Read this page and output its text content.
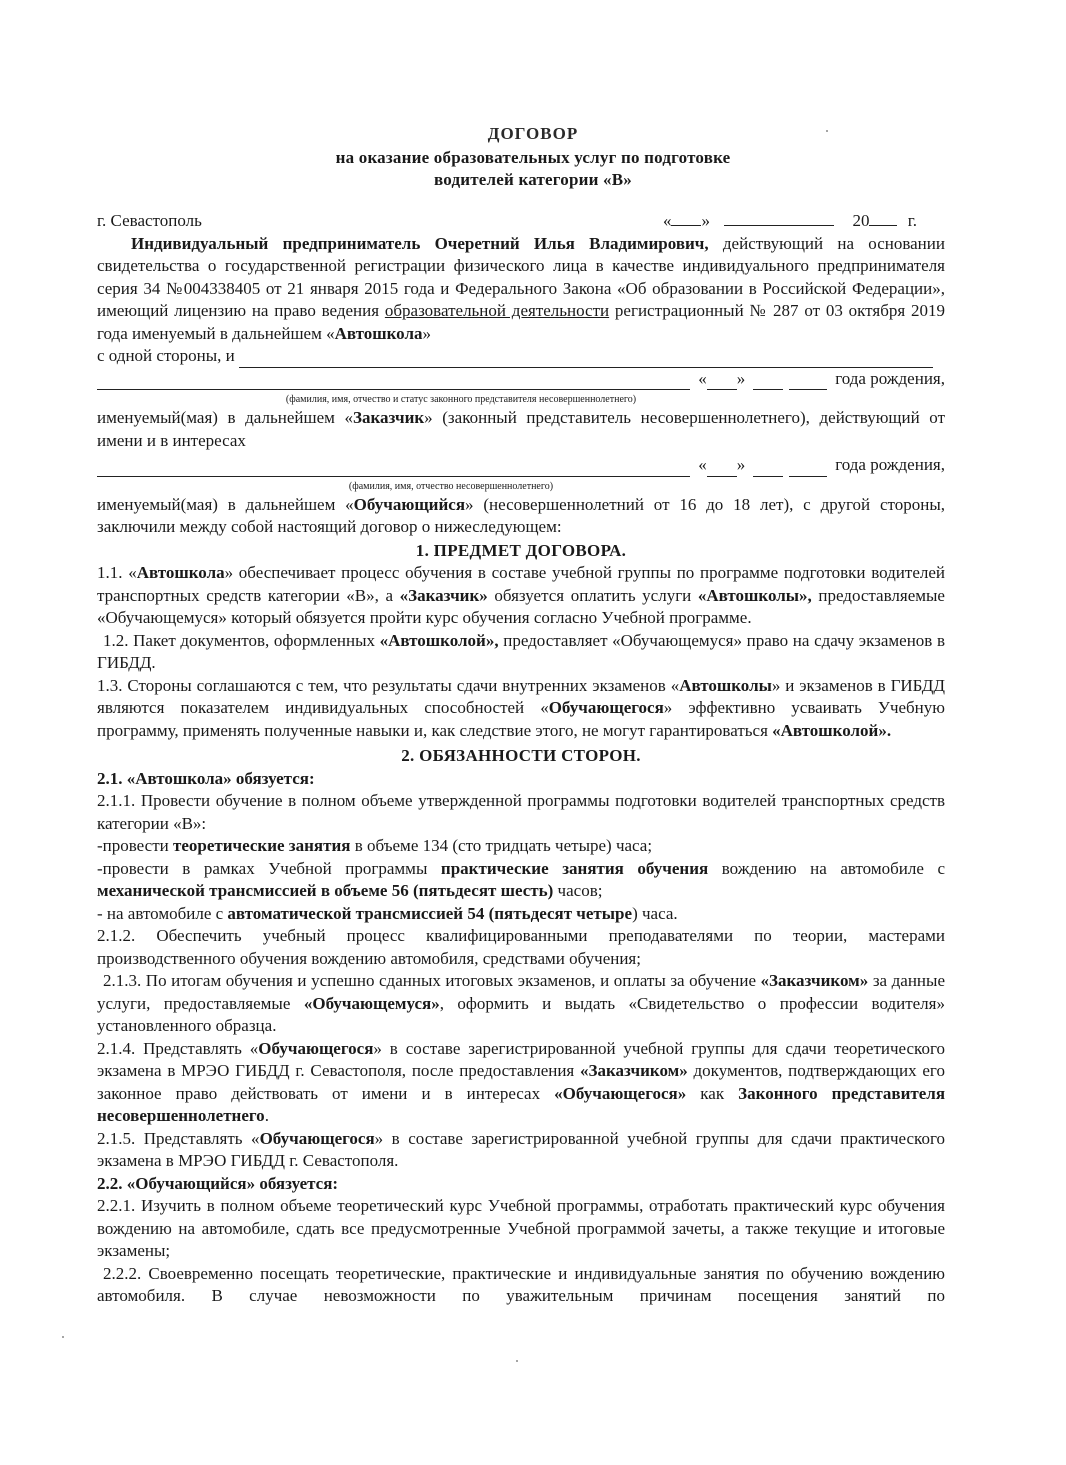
ДОГОВОР
на оказание образовательных услуг по подготовке
водителей категории «В»
г. Севастополь	« »	20 г.

Индивидуальный предприниматель Очеретний Илья Владимирович, действующий на основании свидетельства о государственной регистрации физического лица в качестве индивидуального предпринимателя серия 34 №004338405 от 21 января 2015 года и Федерального Закона «Об образовании в Российской Федерации», имеющий лицензию на право ведения образовательной деятельности регистрационный № 287 от 03 октября 2019 года именуемый в дальнейшем «Автошкола»

с одной стороны, и
« »	года рождения,
(фамилия, имя, отчество и статус законного представителя несовершеннолетнего)

именуемый(мая) в дальнейшем «Заказчик» (законный представитель несовершеннолетнего), действующий от имени и в интересах

« »	года рождения,
(фамилия, имя, отчество несовершеннолетнего)

именуемый(мая) в дальнейшем «Обучающийся» (несовершеннолетний от 16 до 18 лет), с другой стороны, заключили между собой настоящий договор о нижеследующем:

1. ПРЕДМЕТ ДОГОВОРА.

1.1. «Автошкола» обеспечивает процесс обучения в составе учебной группы по программе подготовки водителей транспортных средств категории «В», а «Заказчик» обязуется оплатить услуги «Автошколы», предоставляемые «Обучающемуся» который обязуется пройти курс обучения согласно Учебной программе.

1.2. Пакет документов, оформленных «Автошколой», предоставляет «Обучающемуся» право на сдачу экзаменов в ГИБДД.

1.3. Стороны соглашаются с тем, что результаты сдачи внутренних экзаменов «Автошколы» и экзаменов в ГИБДД являются показателем индивидуальных способностей «Обучающегося» эффективно усваивать Учебную программу, применять полученные навыки и, как следствие этого, не могут гарантироваться «Автошколой».

2. ОБЯЗАННОСТИ СТОРОН.

2.1. «Автошкола» обязуется:

2.1.1. Провести обучение в полном объеме утвержденной программы подготовки водителей транспортных средств категории «В»:

-провести теоретические занятия в объеме 134 (сто тридцать четыре) часа;

-провести в рамках Учебной программы практические занятия обучения вождению на автомобиле с механической трансмиссией в объеме 56 (пятьдесят шесть) часов;

- на автомобиле с автоматической трансмиссией 54 (пятьдесят четыре) часа.

2.1.2. Обеспечить учебный процесс квалифицированными преподавателями по теории, мастерами производственного обучения вождению автомобиля, средствами обучения;

2.1.3. По итогам обучения и успешно сданных итоговых экзаменов, и оплаты за обучение «Заказчиком» за данные услуги, предоставляемые «Обучающемуся», оформить и выдать «Свидетельство о профессии водителя» установленного образца.

2.1.4. Представлять «Обучающегося» в составе зарегистрированной учебной группы для сдачи теоретического экзамена в МРЭО ГИБДД г. Севастополя, после предоставления «Заказчиком» документов, подтверждающих его законное право действовать от имени и в интересах «Обучающегося» как Законного представителя несовершеннолетнего.

2.1.5. Представлять «Обучающегося» в составе зарегистрированной учебной группы для сдачи практического экзамена в МРЭО ГИБДД г. Севастополя.

2.2. «Обучающийся» обязуется:

2.2.1. Изучить в полном объеме теоретический курс Учебной программы, отработать практический курс обучения вождению на автомобиле, сдать все предусмотренные Учебной программой зачеты, а также текущие и итоговые экзамены;

2.2.2. Своевременно посещать теоретические, практические и индивидуальные занятия по обучению вождению автомобиля. В случае невозможности по уважительным причинам посещения занятий по
